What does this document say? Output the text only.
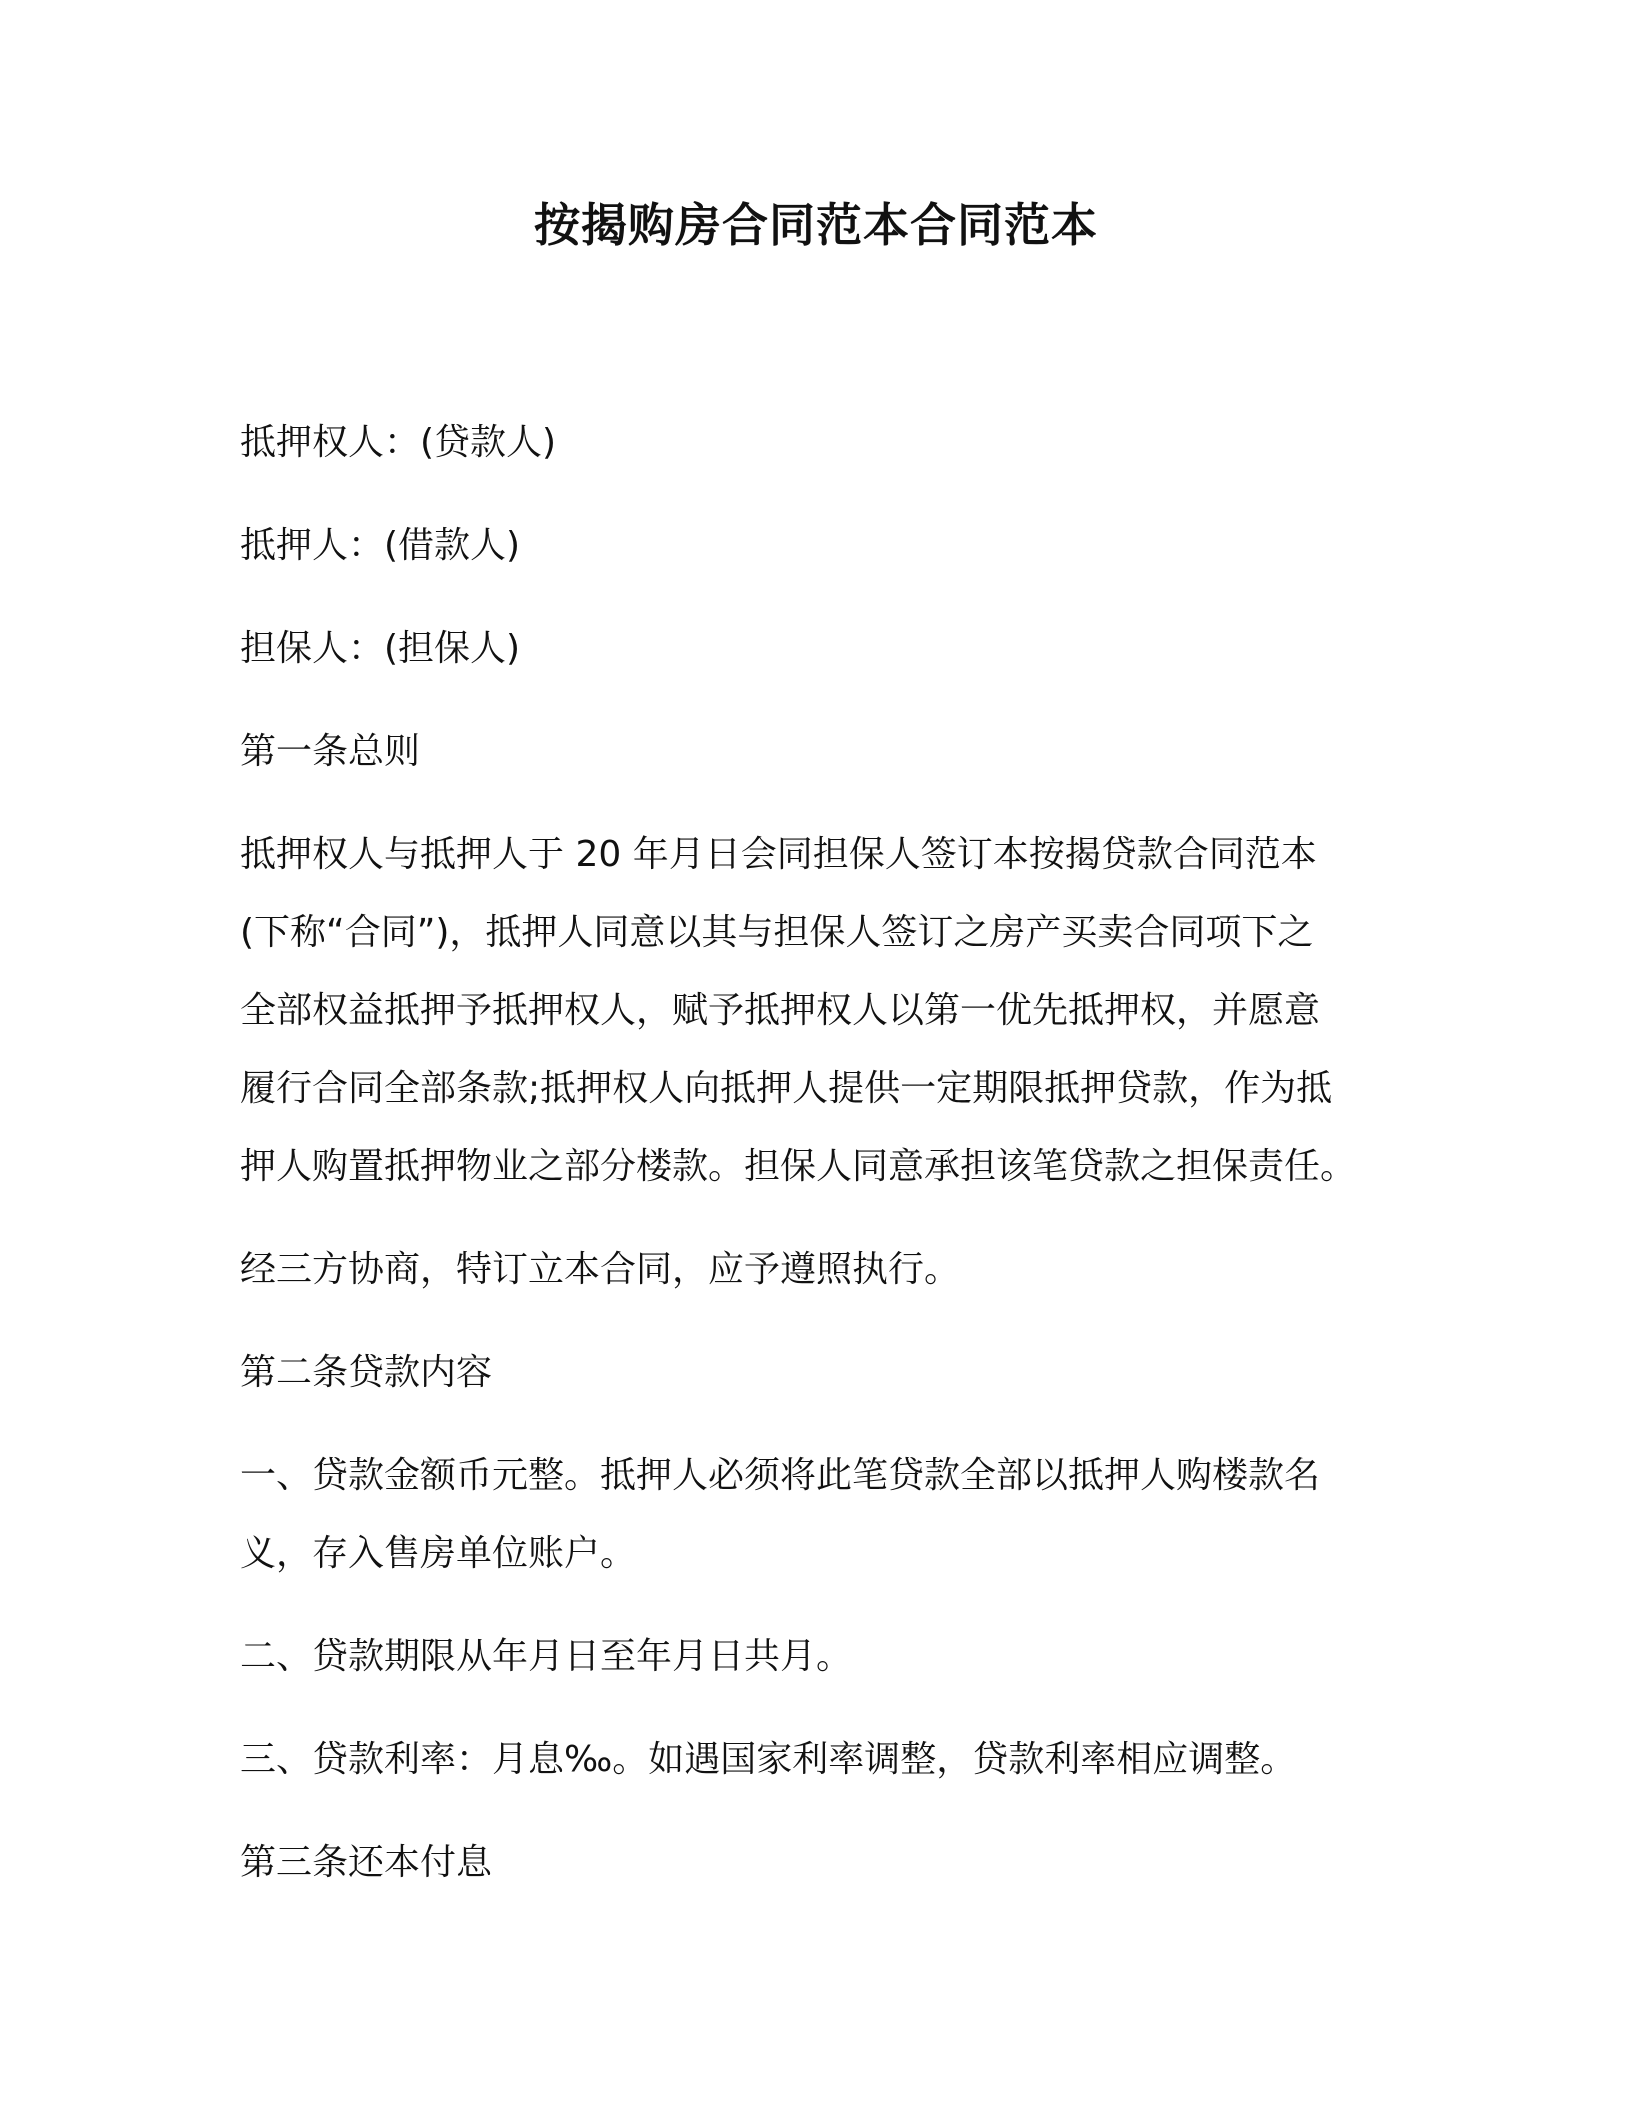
按揭购房合同范本合同范本
抵押权人：(贷款人)
抵押人：(借款人)
担保人：(担保人)
第一条总则
抵押权人与抵押人于 20 年月日会同担保人签订本按揭贷款合同范本
(下称“合同”)，抵押人同意以其与担保人签订之房产买卖合同项下之
全部权益抵押予抵押权人，赋予抵押权人以第一优先抵押权，并愿意
履行合同全部条款;抵押权人向抵押人提供一定期限抵押贷款，作为抵
押人购置抵押物业之部分楼款。担保人同意承担该笔贷款之担保责任。
经三方协商，特订立本合同，应予遵照执行。
第二条贷款内容
一、贷款金额币元整。抵押人必须将此笔贷款全部以抵押人购楼款名
义，存入售房单位账户。
二、贷款期限从年月日至年月日共月。
三、贷款利率：月息‰。如遇国家利率调整，贷款利率相应调整。
第三条还本付息
